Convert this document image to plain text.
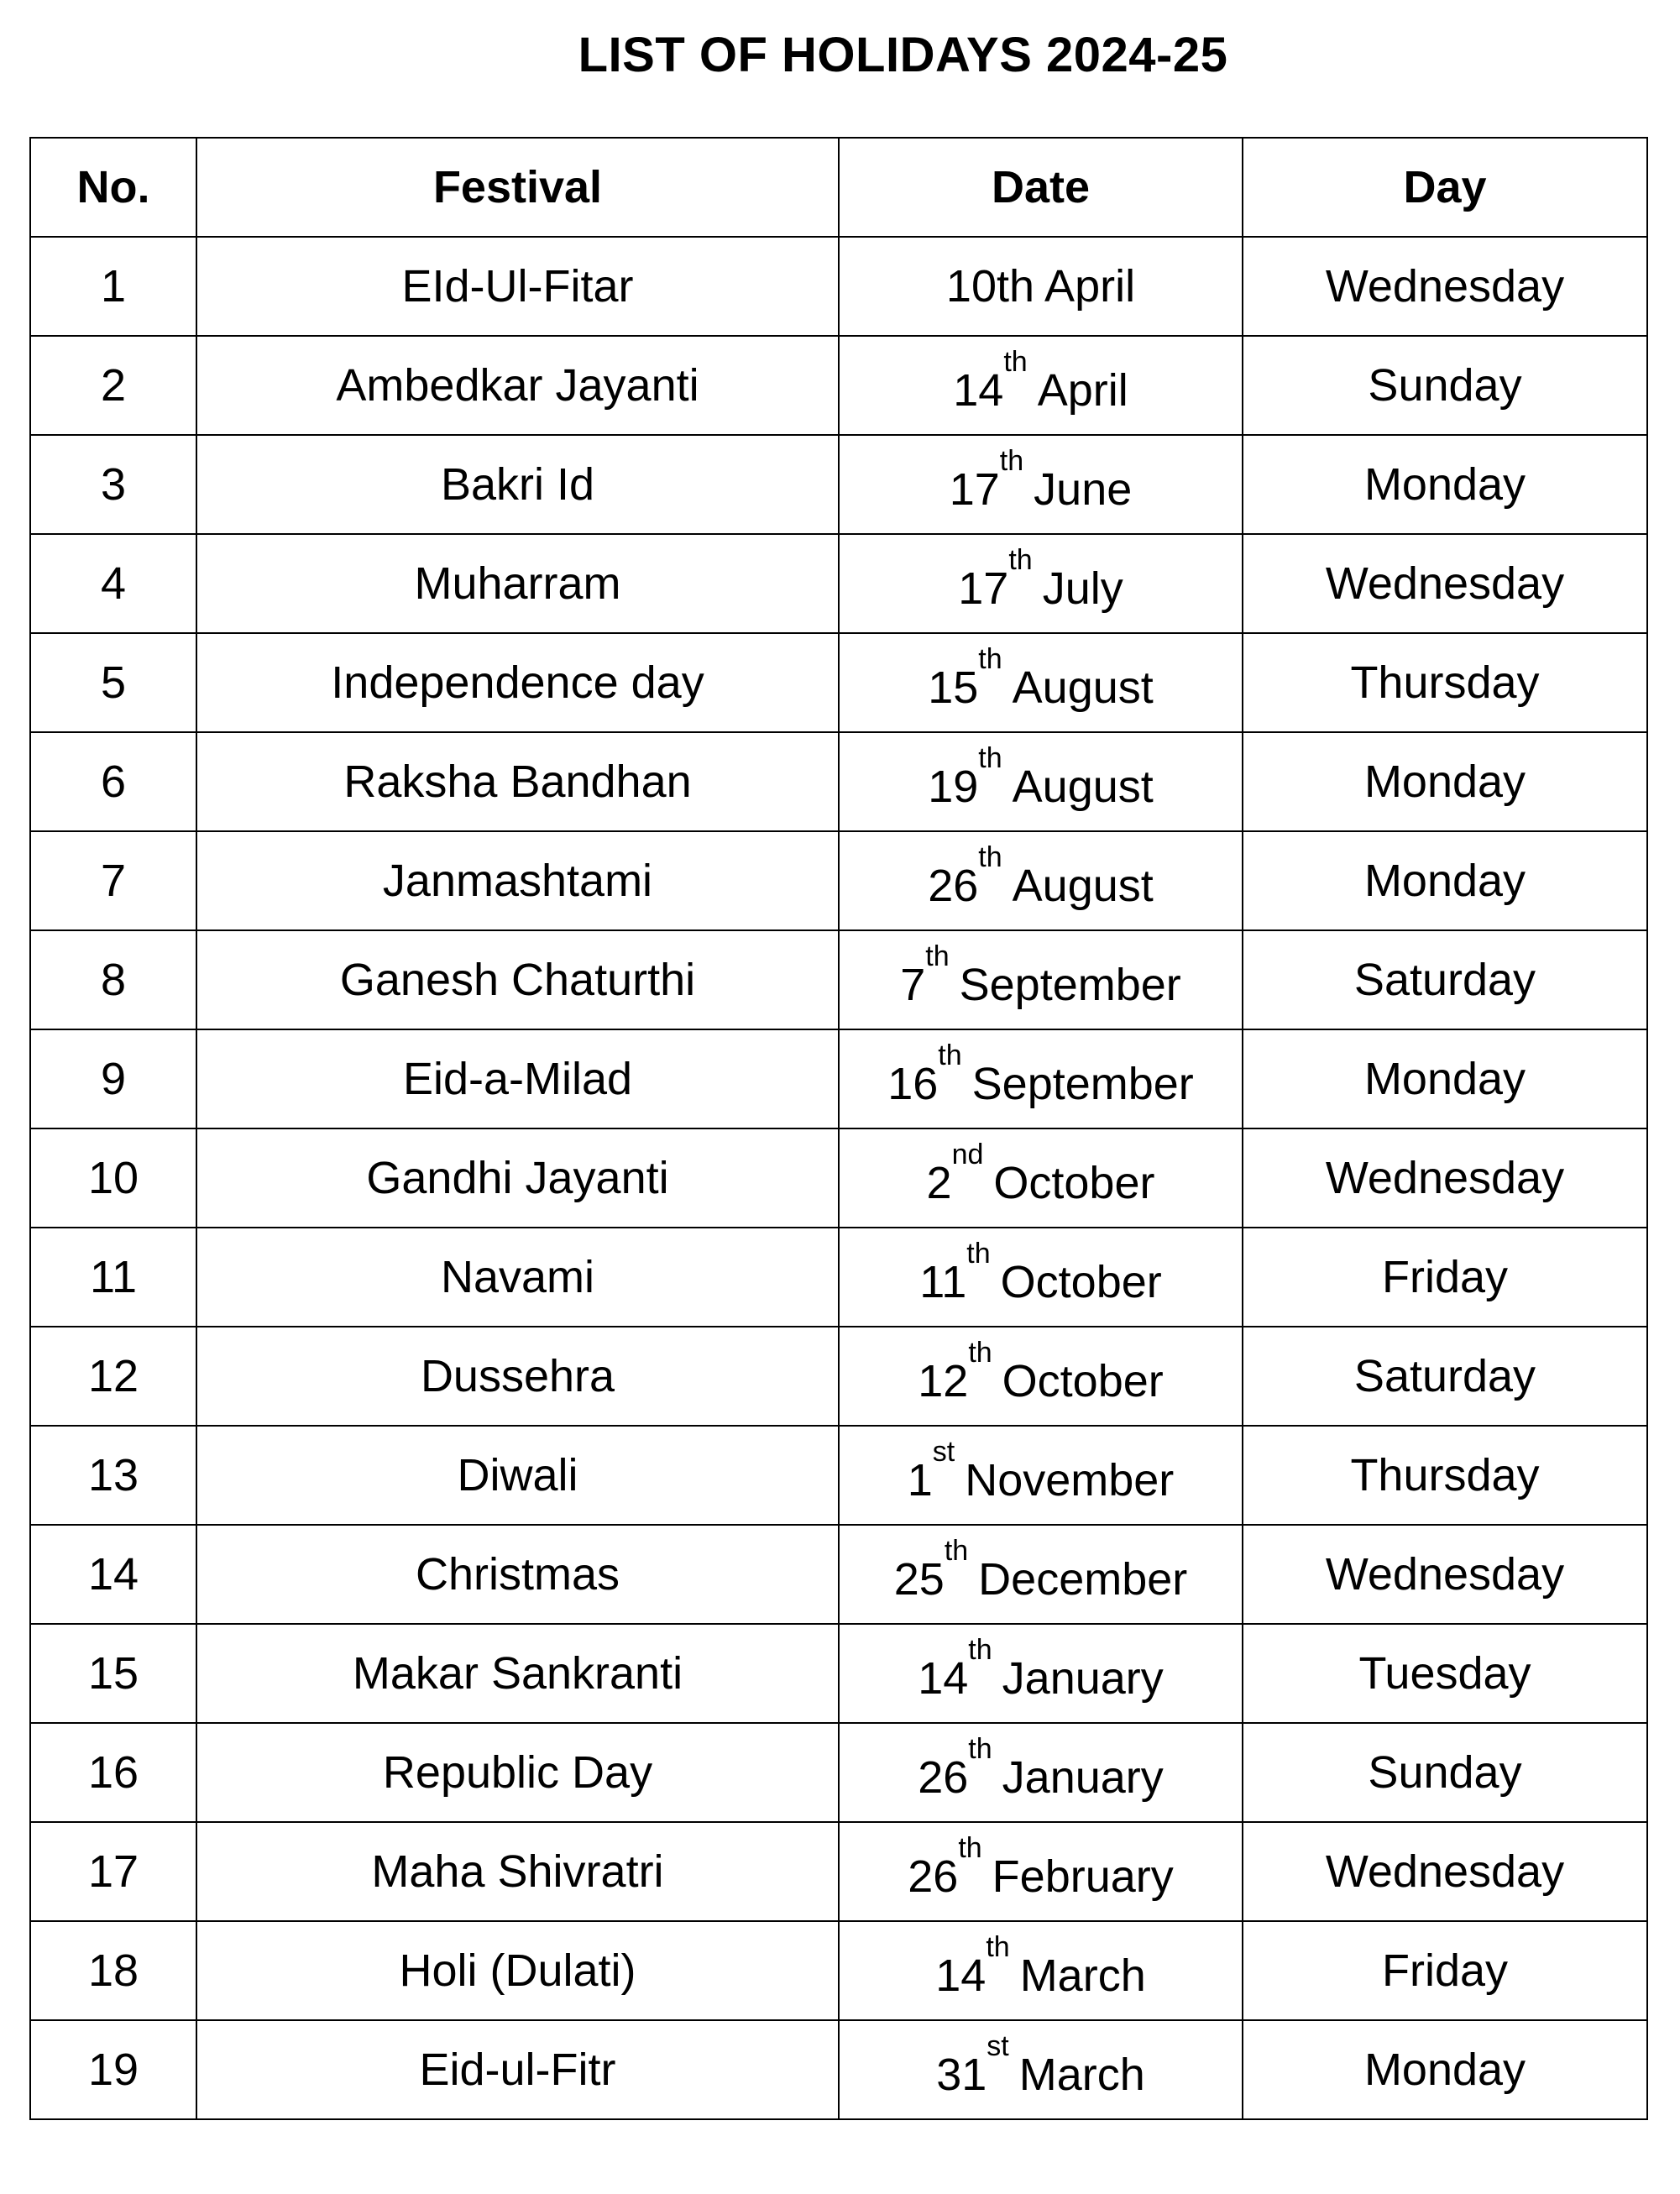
LIST OF HOLIDAYS 2024-25
No.	Festival	Date	Day
1	EId-Ul-Fitar	10th April	Wednesday
2	Ambedkar Jayanti	14thApril	Sunday
3	Bakri Id	17thJune	Monday
4	Muharram	17thJuly	Wednesday
5	Independence day	15thAugust	Thursday
6	Raksha Bandhan	19thAugust	Monday
7	Janmashtami	26thAugust	Monday
8	Ganesh Chaturthi	7thSeptember	Saturday
9	Eid-a-Milad	16thSeptember	Monday
10	Gandhi Jayanti	2ndOctober	Wednesday
11	Navami	11thOctober	Friday
12	Dussehra	12thOctober	Saturday
13	Diwali	1stNovember	Thursday
14	Christmas	25thDecember	Wednesday
15	Makar Sankranti	14thJanuary	Tuesday
16	Republic Day	26thJanuary	Sunday
17	Maha Shivratri	26thFebruary	Wednesday
18	Holi (Dulati)	14thMarch	Friday
19	Eid-ul-Fitr	31stMarch	Monday
